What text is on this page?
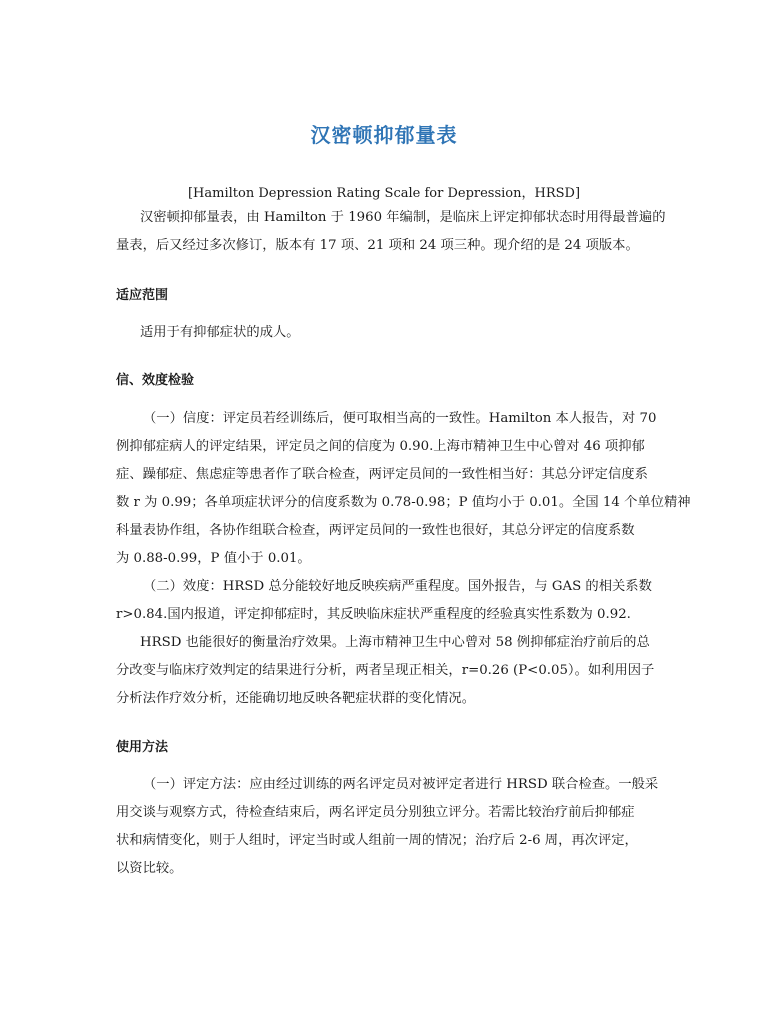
汉密顿抑郁量表
[Hamilton Depression Rating Scale for Depression，HRSD]
汉密顿抑郁量表，由 Hamilton 于 1960 年编制，是临床上评定抑郁状态时用得最普遍的
量表，后又经过多次修订，版本有 17 项、21 项和 24 项三种。现介绍的是 24 项版本。
适应范围
适用于有抑郁症状的成人。
信、效度检验
（一）信度：评定员若经训练后，便可取相当高的一致性。Hamilton 本人报告，对 70
例抑郁症病人的评定结果，评定员之间的信度为 0.90.上海市精神卫生中心曾对 46 项抑郁
症、躁郁症、焦虑症等患者作了联合检查，两评定员间的一致性相当好：其总分评定信度系
数 r 为 0.99；各单项症状评分的信度系数为 0.78-0.98；P 值均小于 0.01。全国 14 个单位精神
科量表协作组，各协作组联合检查，两评定员间的一致性也很好，其总分评定的信度系数
为 0.88-0.99，P 值小于 0.01。
（二）效度：HRSD 总分能较好地反映疾病严重程度。国外报告，与 GAS 的相关系数
r>0.84.国内报道，评定抑郁症时，其反映临床症状严重程度的经验真实性系数为 0.92.
HRSD 也能很好的衡量治疗效果。上海市精神卫生中心曾对 58 例抑郁症治疗前后的总
分改变与临床疗效判定的结果进行分析，两者呈现正相关，r=0.26 (P<0.05）。如利用因子
分析法作疗效分析，还能确切地反映各靶症状群的变化情况。
使用方法
（一）评定方法：应由经过训练的两名评定员对被评定者进行 HRSD 联合检查。一般采
用交谈与观察方式，待检查结束后，两名评定员分别独立评分。若需比较治疗前后抑郁症
状和病情变化，则于人组时，评定当时或人组前一周的情况；治疗后 2-6 周，再次评定，
以资比较。
